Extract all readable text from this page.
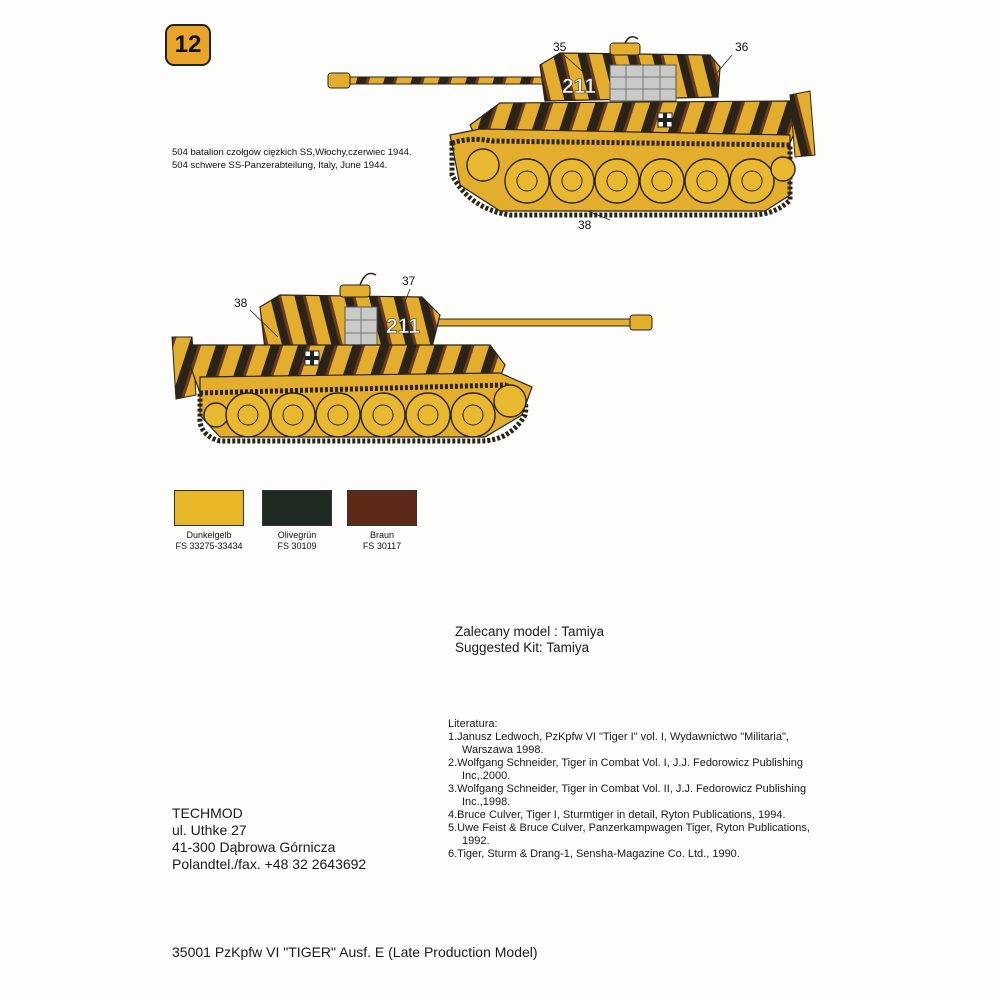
12
504 batalion czołgów ciężkich SS,Włochy,czerwiec 1944.
504 schwere SS-Panzerabteilung, Italy, June 1944.
211
35	36
38
211
37
38
Dunkelgelb
FS 33275-33434
Olivegrün
FS 30109
Braun
FS 30117
Zalecany model : Tamiya
Suggested Kit: Tamiya
Literatura:

1.Janusz Ledwoch, PzKpfw VI "Tiger I" vol. I, Wydawnictwo "Militaria", Warszawa 1998.

2.Wolfgang Schneider, Tiger in Combat Vol. I, J.J. Fedorowicz Publishing Inc,.2000.

3.Wolfgang Schneider, Tiger in Combat Vol. II, J.J. Fedorowicz Publishing Inc.,1998.

4.Bruce Culver, Tiger I, Sturmtiger in detail, Ryton Publications, 1994.

5.Uwe Feist & Bruce Culver, Panzerkampwagen Tiger, Ryton Publications, 1992.

6.Tiger, Sturm & Drang-1, Sensha-Magazine Co. Ltd., 1990.

TECHMOD
ul. Uthke 27
41-300 Dąbrowa Górnicza
Polandtel./fax. +48 32 2643692
35001 PzKpfw VI "TIGER" Ausf. E (Late Production Model)
